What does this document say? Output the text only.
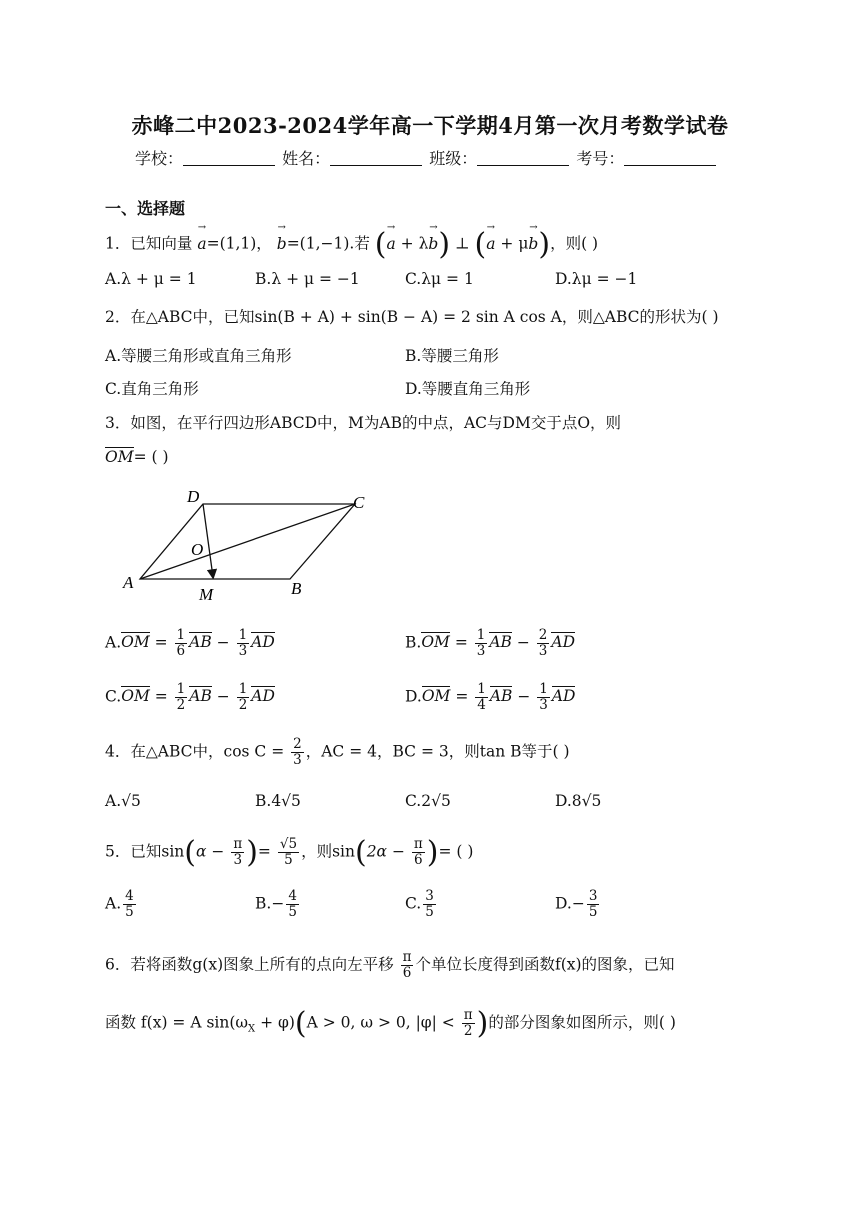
赤峰二中2023-2024学年高一下学期4月第一次月考数学试卷
学校：	姓名：	班级：	考号：
一、选择题
1．已知向量 a →=(1,1)， b →=(1,−1).若 (a → + λb →) ⊥ (a → + μb →)，则( )
A.λ + μ = 1	B.λ + μ = −1	C.λμ = 1	D.λμ = −1
2．在△ABC中，已知sin(B + A) + sin(B − A) = 2 sin A cos A，则△ABC的形状为( )
A.等腰三角形或直角三角形	B.等腰三角形
C.直角三角形	D.等腰直角三角形
3．如图，在平行四边形ABCD中，M为AB的中点，AC与DM交于点O，则
OM= ( )
D	C
O
A
M	B
$A.OM = \frac{1}{6}$ AB − $\frac{1}{3}$ AD	$B.OM = \frac{1}{3}$ AB − $\frac{2}{3}$ AD
$C.OM = \frac{1}{2}$ AB − $\frac{1}{2}$ AD	$D.OM = \frac{1}{4}$ AB − $\frac{1}{3}$ AD
4．在△ABC中，$\cos C = \frac{2}{3}$ ，AC = 4，BC = 3，则tan B等于( )
A.√5	B.4√5	C.2√5	D.8√5
5．已知$\sin(\alpha - \frac{\pi}{3}$ )= $\frac{√5}{5}$ ，则$\sin(2\alpha - \frac{\pi}{6}$ )= ( )
A. $\frac{4}{5}$	$B.- \frac{4}{5}$	C. $\frac{3}{5}$	$D.- \frac{3}{5}$
6．若将函数g(x)图象上所有的点向左平移 $\frac{\pi}{6}$ 个单位长度得到函数f(x)的图象，已知
函数 f(x) = A $\sin(\omega_X + \varphi)(A > 0$, ω > 0, $|\varphi| < \frac{\pi}{2}$ )的部分图象如图所示，则( )
